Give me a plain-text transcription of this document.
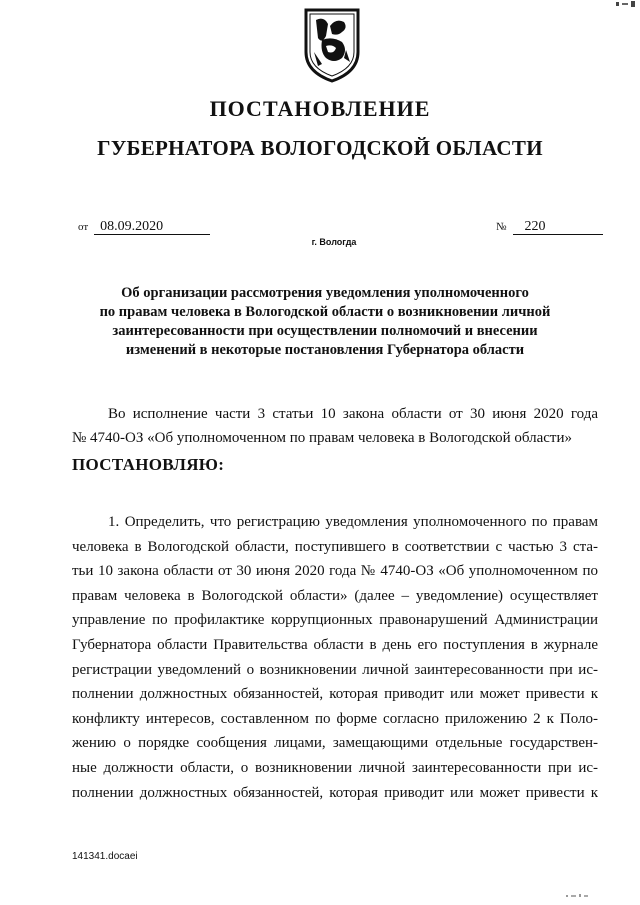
ПОСТАНОВЛЕНИЕ
ГУБЕРНАТОРА ВОЛОГОДСКОЙ ОБЛАСТИ
от 08.09.2020	№ 220
г. Вологда
Об организации рассмотрения уведомления уполномоченного
по правам человека в Вологодской области о возникновении личной
заинтересованности при осуществлении полномочий и внесении
изменений в некоторые постановления Губернатора области
Во исполнение части 3 статьи 10 закона области от 30 июня 2020 года
№ 4740-ОЗ «Об уполномоченном по правам человека в Вологодской области»
ПОСТАНОВЛЯЮ:
1. Определить, что регистрацию уведомления уполномоченного по правам
человека в Вологодской области, поступившего в соответствии с частью 3 ста-
тьи 10 закона области от 30 июня 2020 года № 4740-ОЗ «Об уполномоченном по
правам человека в Вологодской области» (далее – уведомление) осуществляет
управление по профилактике коррупционных правонарушений Администрации
Губернатора области Правительства области в день его поступления в журнале
регистрации уведомлений о возникновении личной заинтересованности при ис-
полнении должностных обязанностей, которая приводит или может привести к
конфликту интересов, составленном по форме согласно приложению 2 к Поло-
жению о порядке сообщения лицами, замещающими отдельные государствен-
ные должности области, о возникновении личной заинтересованности при ис-
полнении должностных обязанностей, которая приводит или может привести к
141341.docaei
